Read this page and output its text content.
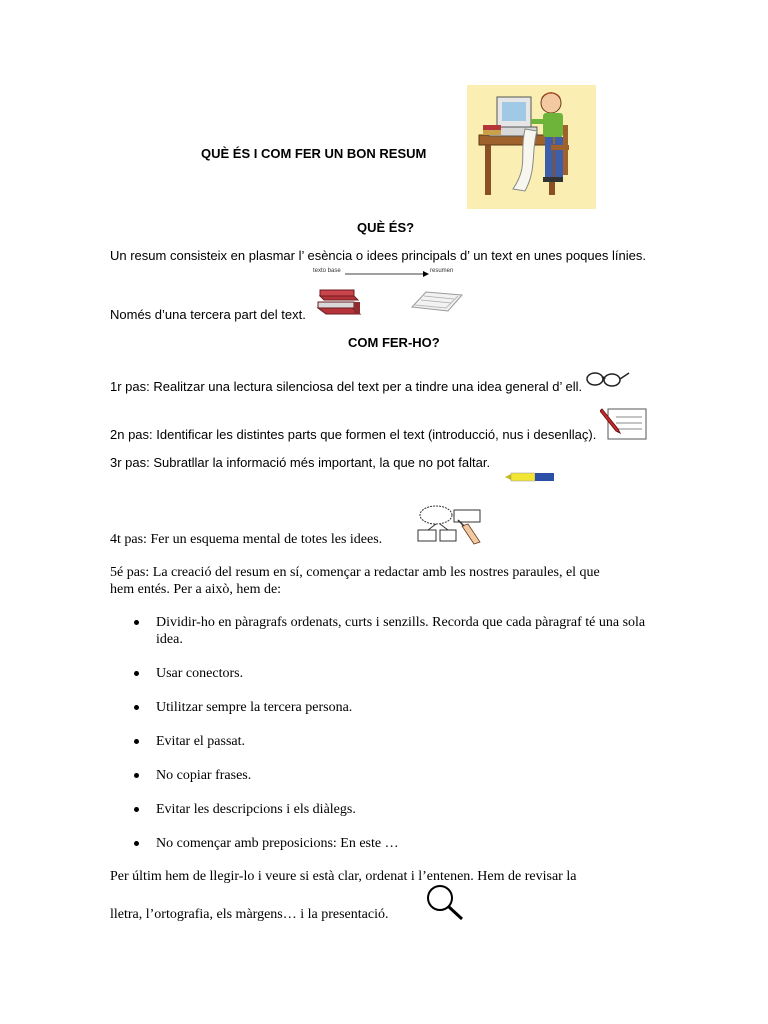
QUÈ ÉS I COM FER UN BON RESUM
QUÈ ÉS?
Un resum consisteix en plasmar l’ esència o idees principals d’ un text en unes poques línies.
texto base	resumen
Només d’una tercera part del text.
COM FER-HO?
1r pas: Realitzar una lectura silenciosa del text per a tindre una idea general d’ ell.
2n pas: Identificar les distintes parts que formen el text (introducció, nus i desenllaç).
3r pas: Subratllar la informació més important, la que no pot faltar.
4t pas: Fer un esquema mental de totes les idees.
5é pas: La creació del resum en sí, començar a redactar amb les nostres paraules, el que
hem entés. Per a això, hem de:
Dividir-ho en pàragrafs ordenats, curts i senzills. Recorda que cada pàragraf té una sola idea.
Usar conectors.
Utilitzar sempre la tercera persona.
Evitar el passat.
No copiar frases.
Evitar les descripcions i els diàlegs.
No començar amb preposicions: En este …
Per últim hem de llegir-lo i veure si està clar, ordenat i l’entenen. Hem de revisar la
lletra, l’ortografia, els màrgens… i la presentació.
